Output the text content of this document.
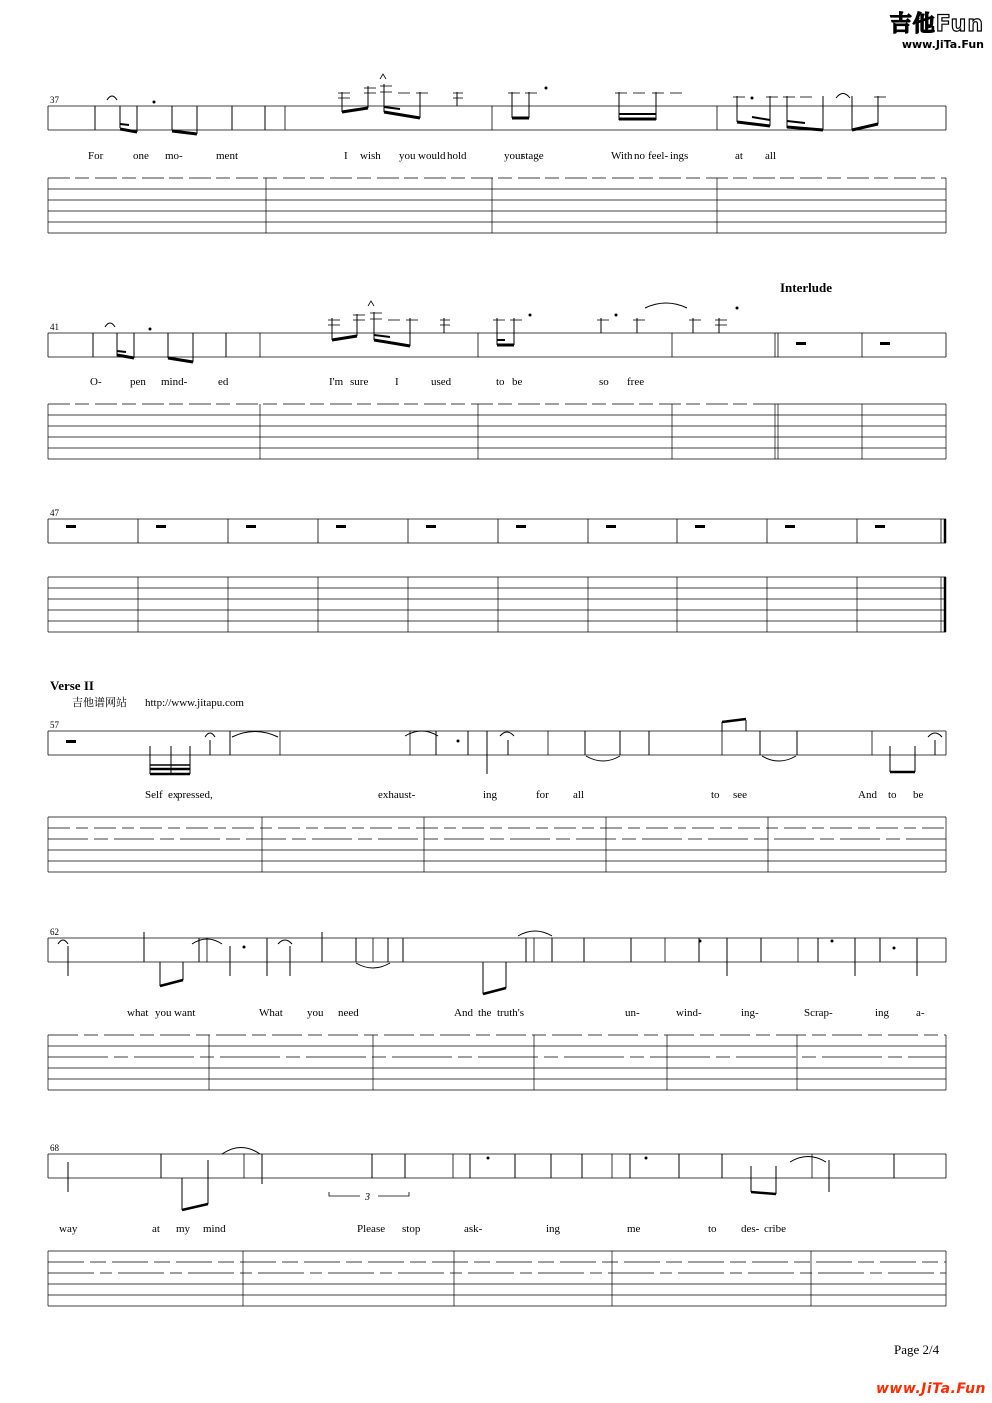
吉他Fun
www.JiTa.Fun
37
For	one mo-	ment	I wish you would hold	your
stage	With no feel- ings	at all
Interlude
41
O-	pen mind-	ed	I'm sure I	used	to be	so free
47
Verse II
吉他谱网站 http://www.jitapu.com
57
Self ex
pressed,	exhaust-	ing	for all	to see	And to be
62
what you want	What you need	And the truth's	un-	wind-	ing-	Scrap-	ing a-
68
3
way	at my mind	Please stop	ask-	ing	me	to des- cribe
Page 2/4
www.JiTa.Fun
